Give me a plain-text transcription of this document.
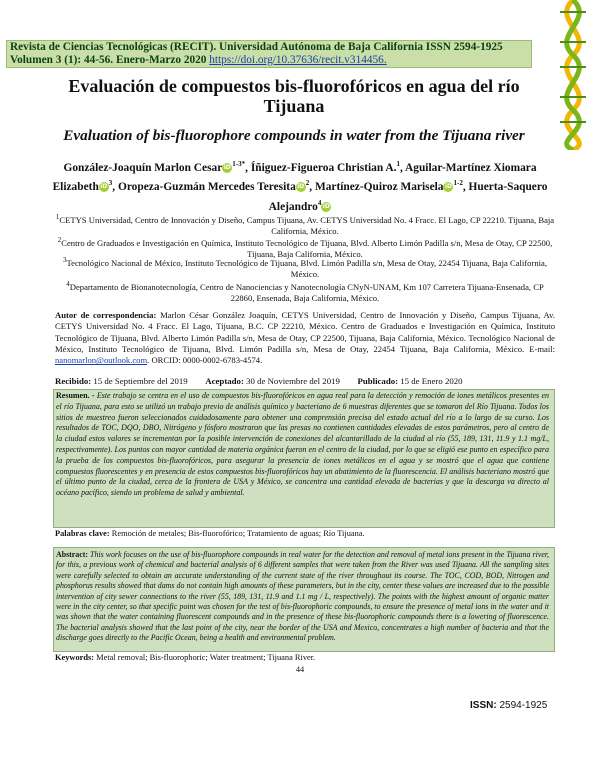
Revista de Ciencias Tecnológicas (RECIT). Universidad Autónoma de Baja California ISSN 2594-1925
Volumen 3 (1): 44-56. Enero-Marzo 2020 https://doi.org/10.37636/recit.v314456.
Evaluación de compuestos bis-fluorofóricos en agua del río Tijuana
Evaluation of bis-fluorophore compounds in water from the Tijuana river
González-Joaquín Marlon CesariD$^{1-3*}$, Íñiguez-Figueroa Christian A.$^1$, Aguilar-Martínez Xiomara ElizabethiD$^3$, Oropeza-Guzmán Mercedes TeresitaiD$^2$, Martínez-Quiroz MariselaiD$^{1-2}$, Huerta-Saquero Alejandro$^4$iD
$^1$CETYS Universidad, Centro de Innovación y Diseño, Campus Tijuana, Av. CETYS Universidad No. 4 Fracc. El Lago, CP 22210. Tijuana, Baja California, México.
$^2$Centro de Graduados e Investigación en Química, Instituto Tecnológico de Tijuana, Blvd. Alberto Limón Padilla s/n, Mesa de Otay, CP 22500, Tijuana, Baja California, México.
$^3$Tecnológico Nacional de México, Instituto Tecnológico de Tijuana, Blvd. Limón Padilla s/n, Mesa de Otay, 22454 Tijuana, Baja California, México.
$^4$Departamento de Bionanotecnología, Centro de Nanociencias y Nanotecnología CNyN-UNAM, Km 107 Carretera Tijuana-Ensenada, CP 22860, Ensenada, Baja California, México.
Autor de correspondencia: Marlon César González Joaquín, CETYS Universidad, Centro de Innovación y Diseño, Campus Tijuana, Av. CETYS Universidad No. 4 Fracc. El Lago, Tijuana, B.C. CP 22210, México. Centro de Graduados e Investigación en Química, Instituto Tecnológico de Tijuana, Blvd. Alberto Limón Padilla s/n, Mesa de Otay, CP 22500, Tijuana, Baja California, México. Tecnológico Nacional de México, Instituto Tecnológico de Tijuana, Blvd. Limón Padilla s/n, Mesa de Otay, 22454 Tijuana, Baja California, México. E-mail: nanomarlon@outlook.com. ORCID: 0000-0002-6783-4574.
Recibido: 15 de Septiembre del 2019 Aceptado: 30 de Noviembre del 2019 Publicado: 15 de Enero 2020
Resumen. - Este trabajo se centra en el uso de compuestos bis-fluorofóricos en agua real para la detección y remoción de iones metálicos presentes en el río Tijuana, para esto se utilizó un trabajo previo de análisis químico y bacteriano de 6 muestras diferentes que se tomaron del Río Tijuana. Todos los sitios de muestreo fueron seleccionados cuidadosamente para obtener una comprensión precisa del estado actual del río a lo largo de su curso. Los resultados de TOC, DQO, DBO, Nitrógeno y fósforo mostraron que las presas no contienen cantidades elevadas de estos parámetros, pero al centro de la ciudad estos valores se incrementan por la posible intervención de conexiones del alcantarillado de la ciudad al río (55, 189, 131, 11.9 y 1.1 mg/L, respectivamente). Los puntos con mayor cantidad de materia orgánica fueron en el centro de la ciudad, por lo que se eligió ese punto en específico para la prueba de los compuestos bis-fluorofóricos, para asegurar la presencia de iones metálicos en el agua y se mostró que el agua que contiene compuestos fluorescentes y en presencia de estos compuestos bis-fluorofóricos hay un abatimiento de la fluorescencia. El análisis bacteriano mostró que el último punto de la ciudad, cerca de la frontera de USA y México, se concentra una cantidad elevada de bacterias y que la descarga va directo al océano pacífico, siendo un problema de salud y ambiental.
Palabras clave: Remoción de metales; Bis-fluorofórico; Tratamiento de aguas; Río Tijuana.
Abstract: This work focuses on the use of bis-fluorophore compounds in real water for the detection and removal of metal ions present in the Tijuana river, for this, a previous work of chemical and bacterial analysis of 6 different samples that were taken from the River was used Tijuana. All the sampling sites were carefully selected to obtain an accurate understanding of the current state of the river throughout its course. The TOC, COD, BOD, Nitrogen and phosphorus results showed that dams do not contain high amounts of these parameters, but in the city, center these values are increased due to the possible intervention of city sewer connections to the river (55, 189, 131, 11.9 and 1.1 mg / L, respectively). The points with the highest amount of organic matter were in the city center, so that specific point was chosen for the test of bis-fluorophoric compounds, to ensure the presence of metal ions in the water and it was shown that the water containing fluorescent compounds and in the presence of these bis-fluorophoric compounds there is a lowering of fluorescence. The bacterial analysis showed that the last point of the city, near the border of the USA and Mexico, concentrates a high number of bacteria and that the discharge goes directly to the Pacific Ocean, being a health and environmental problem.
Keywords: Metal removal; Bis-fluorophoric; Water treatment; Tijuana River.
44
ISSN: 2594-1925
